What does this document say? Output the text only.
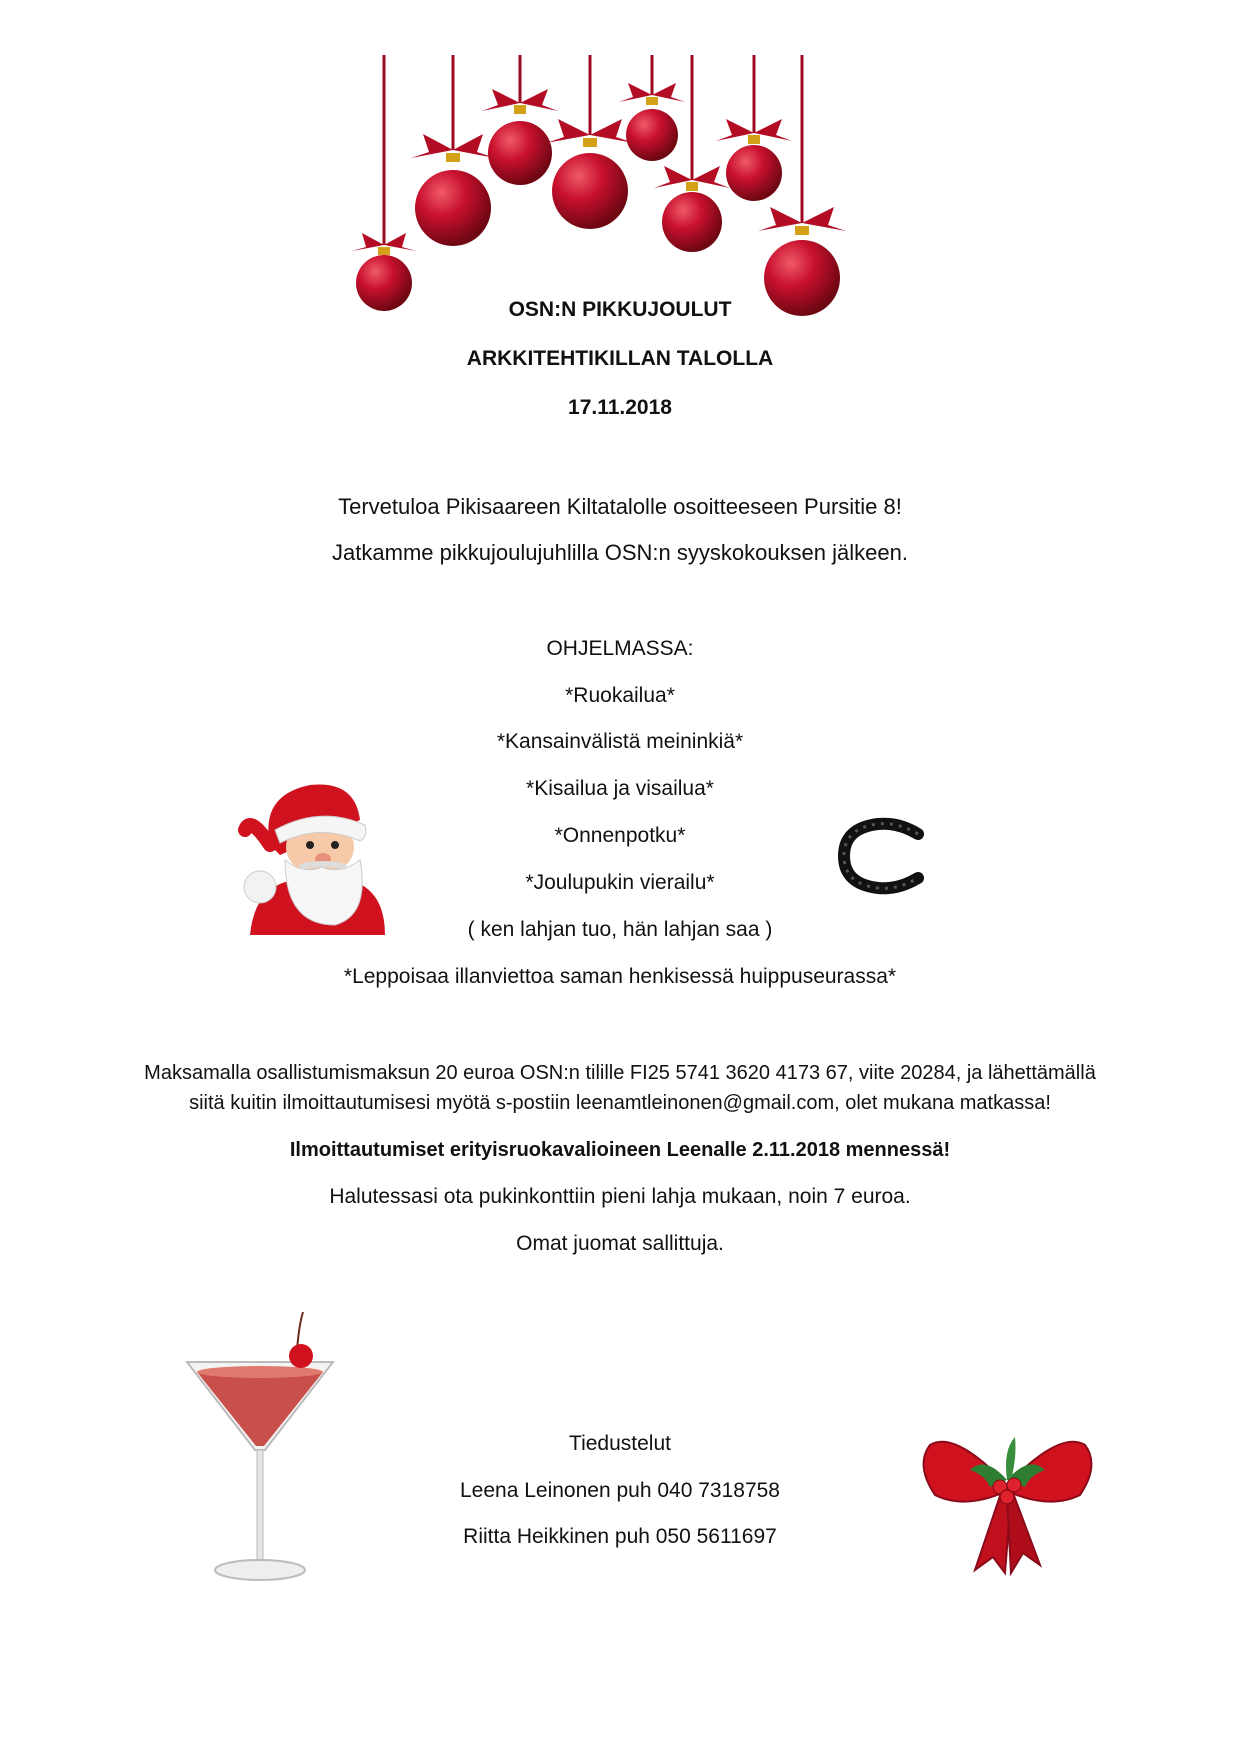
OSN:N PIKKUJOULUT
ARKKITEHTIKILLAN TALOLLA
17.11.2018
Tervetuloa Pikisaareen Kiltatalolle osoitteeseen Pursitie 8!
Jatkamme pikkujoulujuhlilla OSN:n syyskokouksen jälkeen.
OHJELMASSA:
*Ruokailua*
*Kansainvälistä meininkiä*
*Kisailua ja visailua*
*Onnenpotku*
*Joulupukin vierailu*
( ken lahjan tuo, hän lahjan saa )
*Leppoisaa illanviettoa saman henkisessä huippuseurassa*
Maksamalla osallistumismaksun 20 euroa OSN:n tilille FI25 5741 3620 4173 67, viite 20284, ja lähettämällä
siitä kuitin ilmoittautumisesi myötä s-postiin leenamtleinonen@gmail.com, olet mukana matkassa!
Ilmoittautumiset erityisruokavalioineen Leenalle 2.11.2018 mennessä!
Halutessasi ota pukinkonttiin pieni lahja mukaan, noin 7 euroa.
Omat juomat sallittuja.
Tiedustelut
Leena Leinonen puh 040 7318758
Riitta Heikkinen puh 050 5611697
